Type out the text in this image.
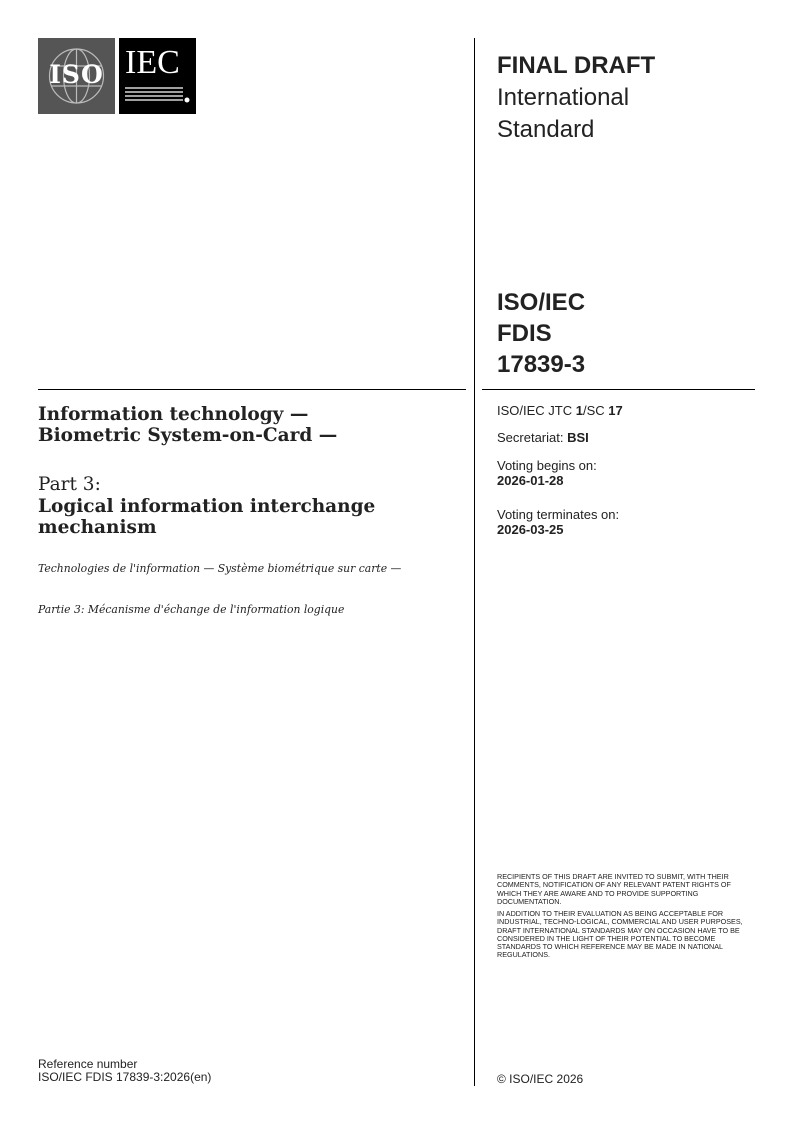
ISO IEC	FINAL DRAFT
International
Standard
ISO/IEC
FDIS
17839-3
ISO/IEC JTC 1/SC 17
Secretariat: BSI
Voting begins on:
2026-01-28
Voting terminates on:
2026-03-25

RECIPIENTS OF THIS DRAFT ARE INVITED TO SUBMIT, WITH THEIR COMMENTS, NOTIFICATION OF ANY RELEVANT PATENT RIGHTS OF WHICH THEY ARE AWARE AND TO PROVIDE SUPPORTING DOCUMENTATION.

IN ADDITION TO THEIR EVALUATION AS BEING ACCEPTABLE FOR INDUSTRIAL, TECHNO-LOGICAL, COMMERCIAL AND USER PURPOSES, DRAFT INTERNATIONAL STANDARDS MAY ON OCCASION HAVE TO BE CONSIDERED IN THE LIGHT OF THEIR POTENTIAL TO BECOME STANDARDS TO WHICH REFERENCE MAY BE MADE IN NATIONAL REGULATIONS.

© ISO/IEC 2026
Information technology —
Biometric System-on-Card —
Part 3:
Logical information interchange
mechanism

Technologies de l'information — Système biométrique sur carte —

Partie 3: Mécanisme d'échange de l'information logique

Reference number
ISO/IEC FDIS 17839-3:2026(en)
